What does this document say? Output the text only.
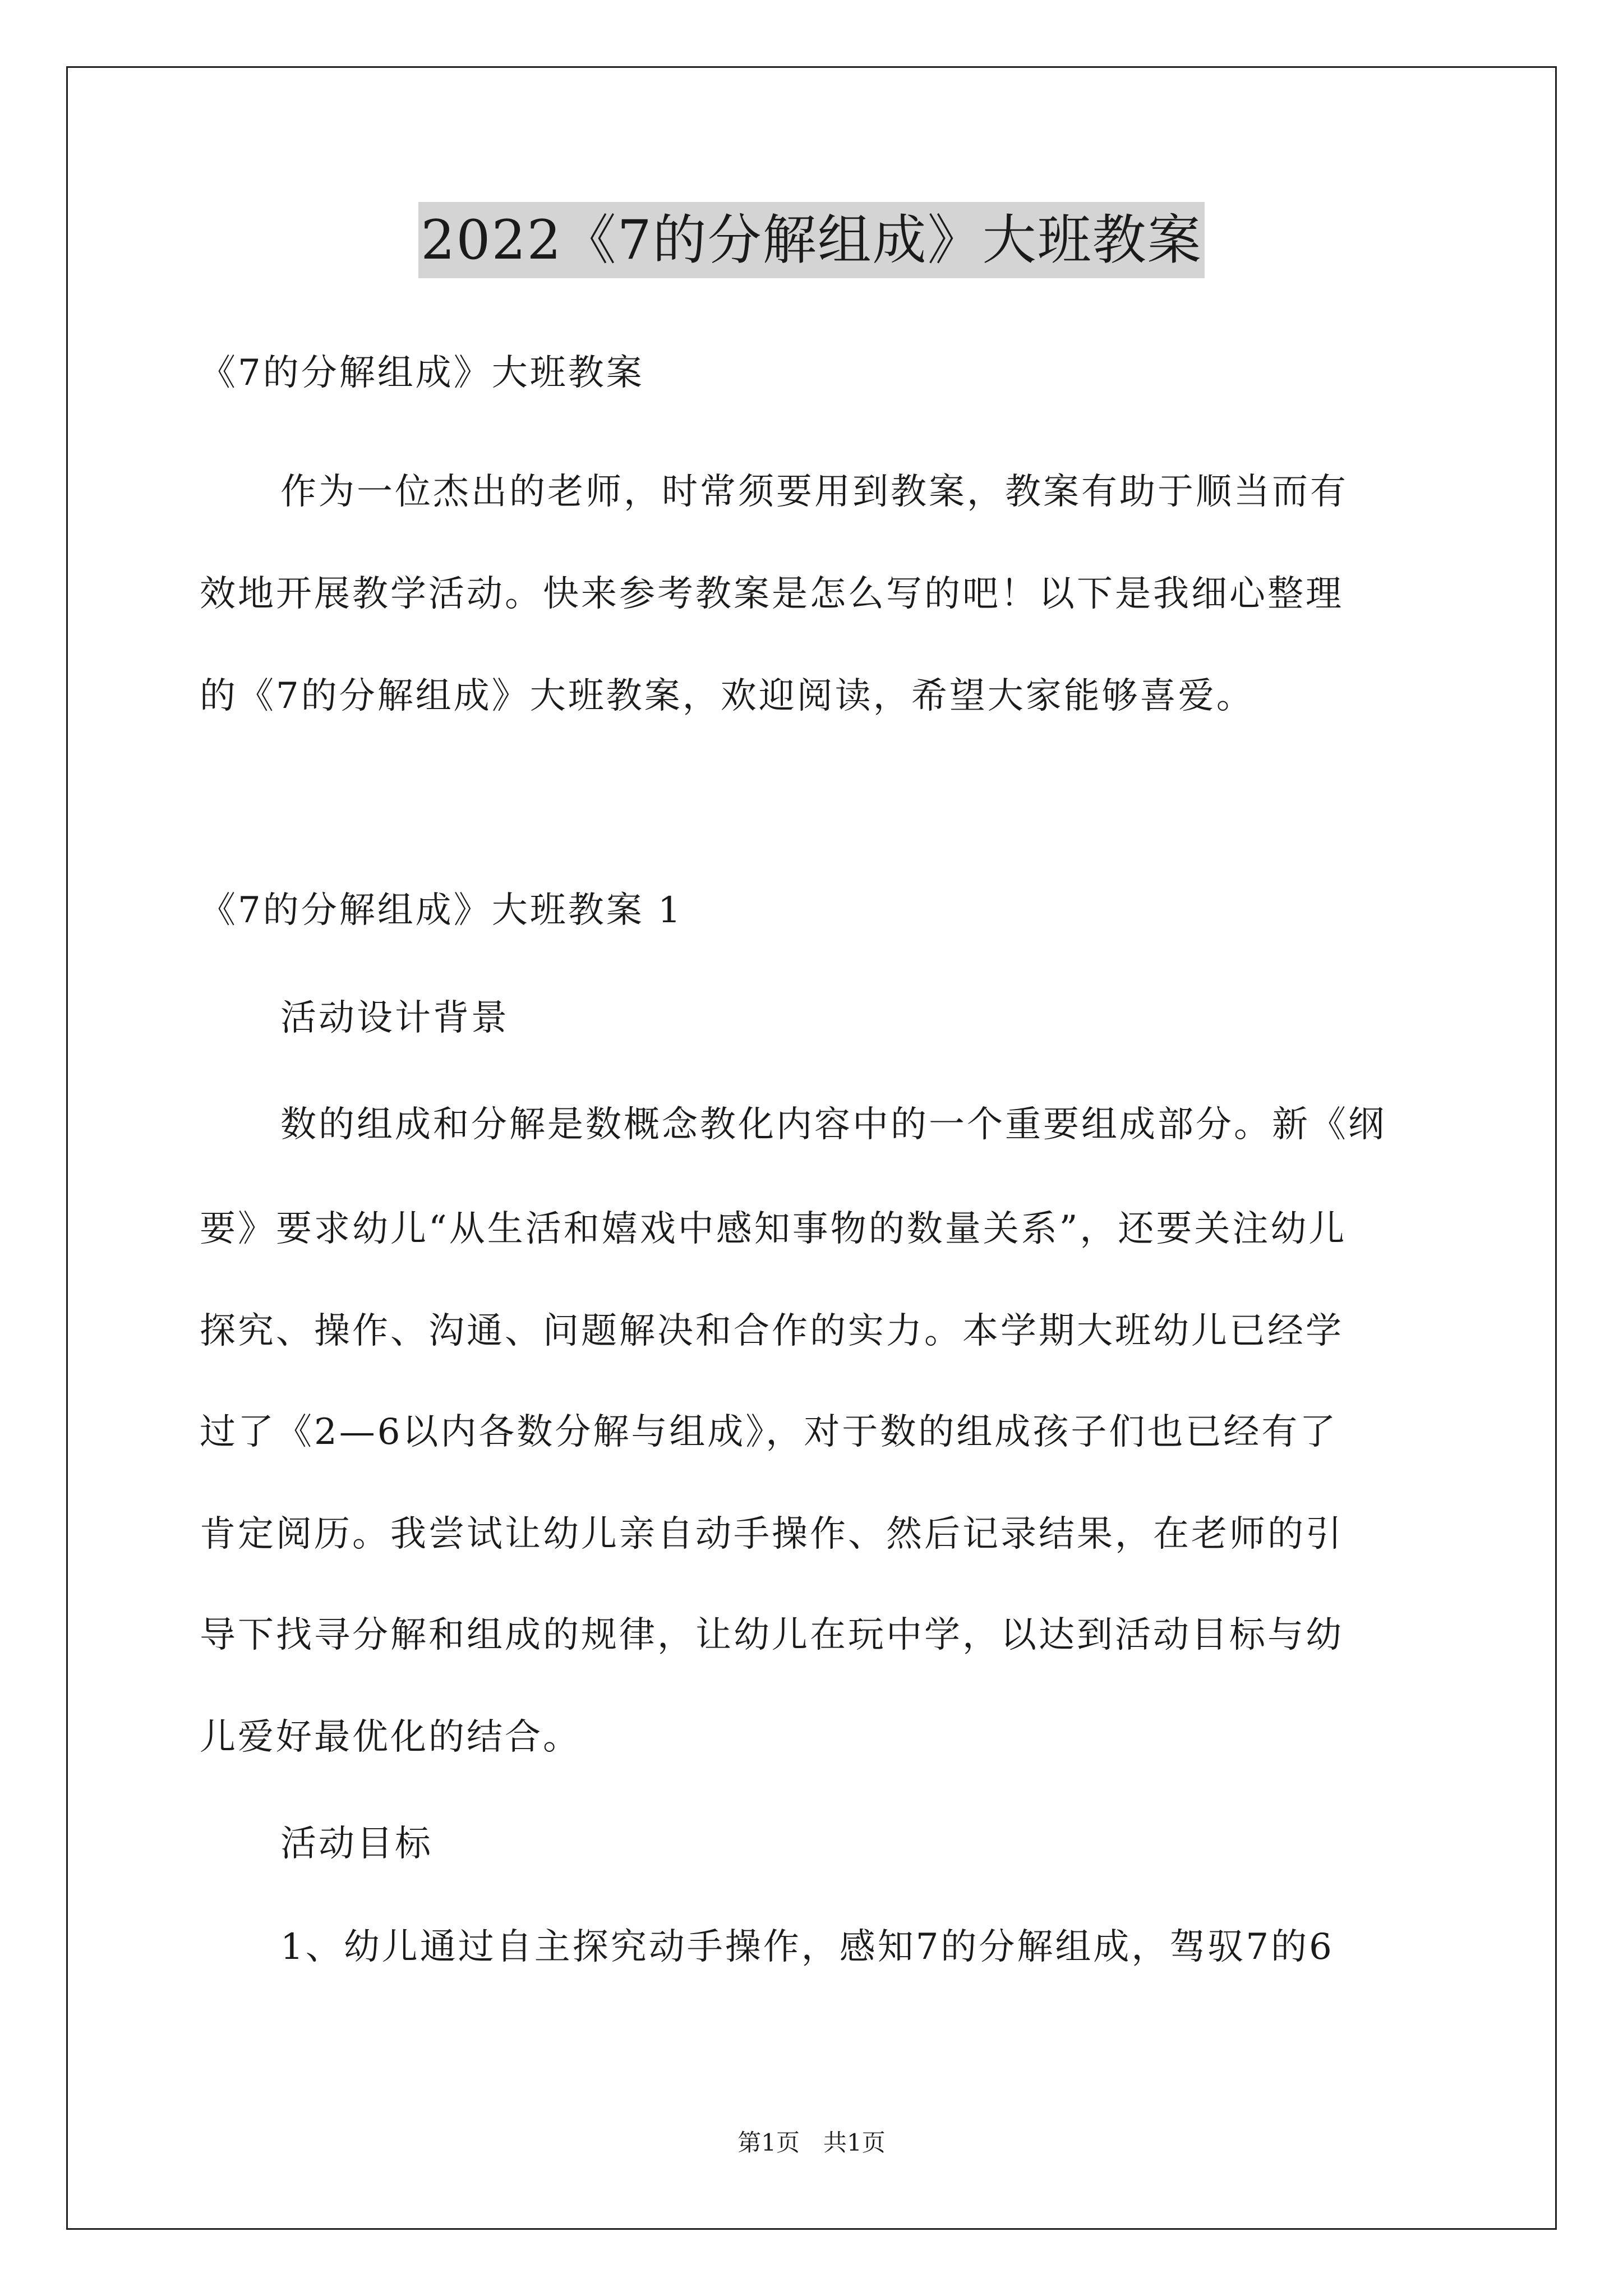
2022《7的分解组成》大班教案
《7的分解组成》大班教案
作为一位杰出的老师，时常须要用到教案，教案有助于顺当而有
效地开展教学活动。快来参考教案是怎么写的吧！以下是我细心整理
的《7的分解组成》大班教案，欢迎阅读，希望大家能够喜爱。
《7的分解组成》大班教案 1
活动设计背景
数的组成和分解是数概念教化内容中的一个重要组成部分。新《纲
要》要求幼儿“从生活和嬉戏中感知事物的数量关系”，还要关注幼儿
探究、操作、沟通、问题解决和合作的实力。本学期大班幼儿已经学
过了《2—6以内各数分解与组成》，对于数的组成孩子们也已经有了
肯定阅历。我尝试让幼儿亲自动手操作、然后记录结果，在老师的引
导下找寻分解和组成的规律，让幼儿在玩中学，以达到活动目标与幼
儿爱好最优化的结合。
活动目标
1、幼儿通过自主探究动手操作，感知7的分解组成，驾驭7的6
第1页　共1页
